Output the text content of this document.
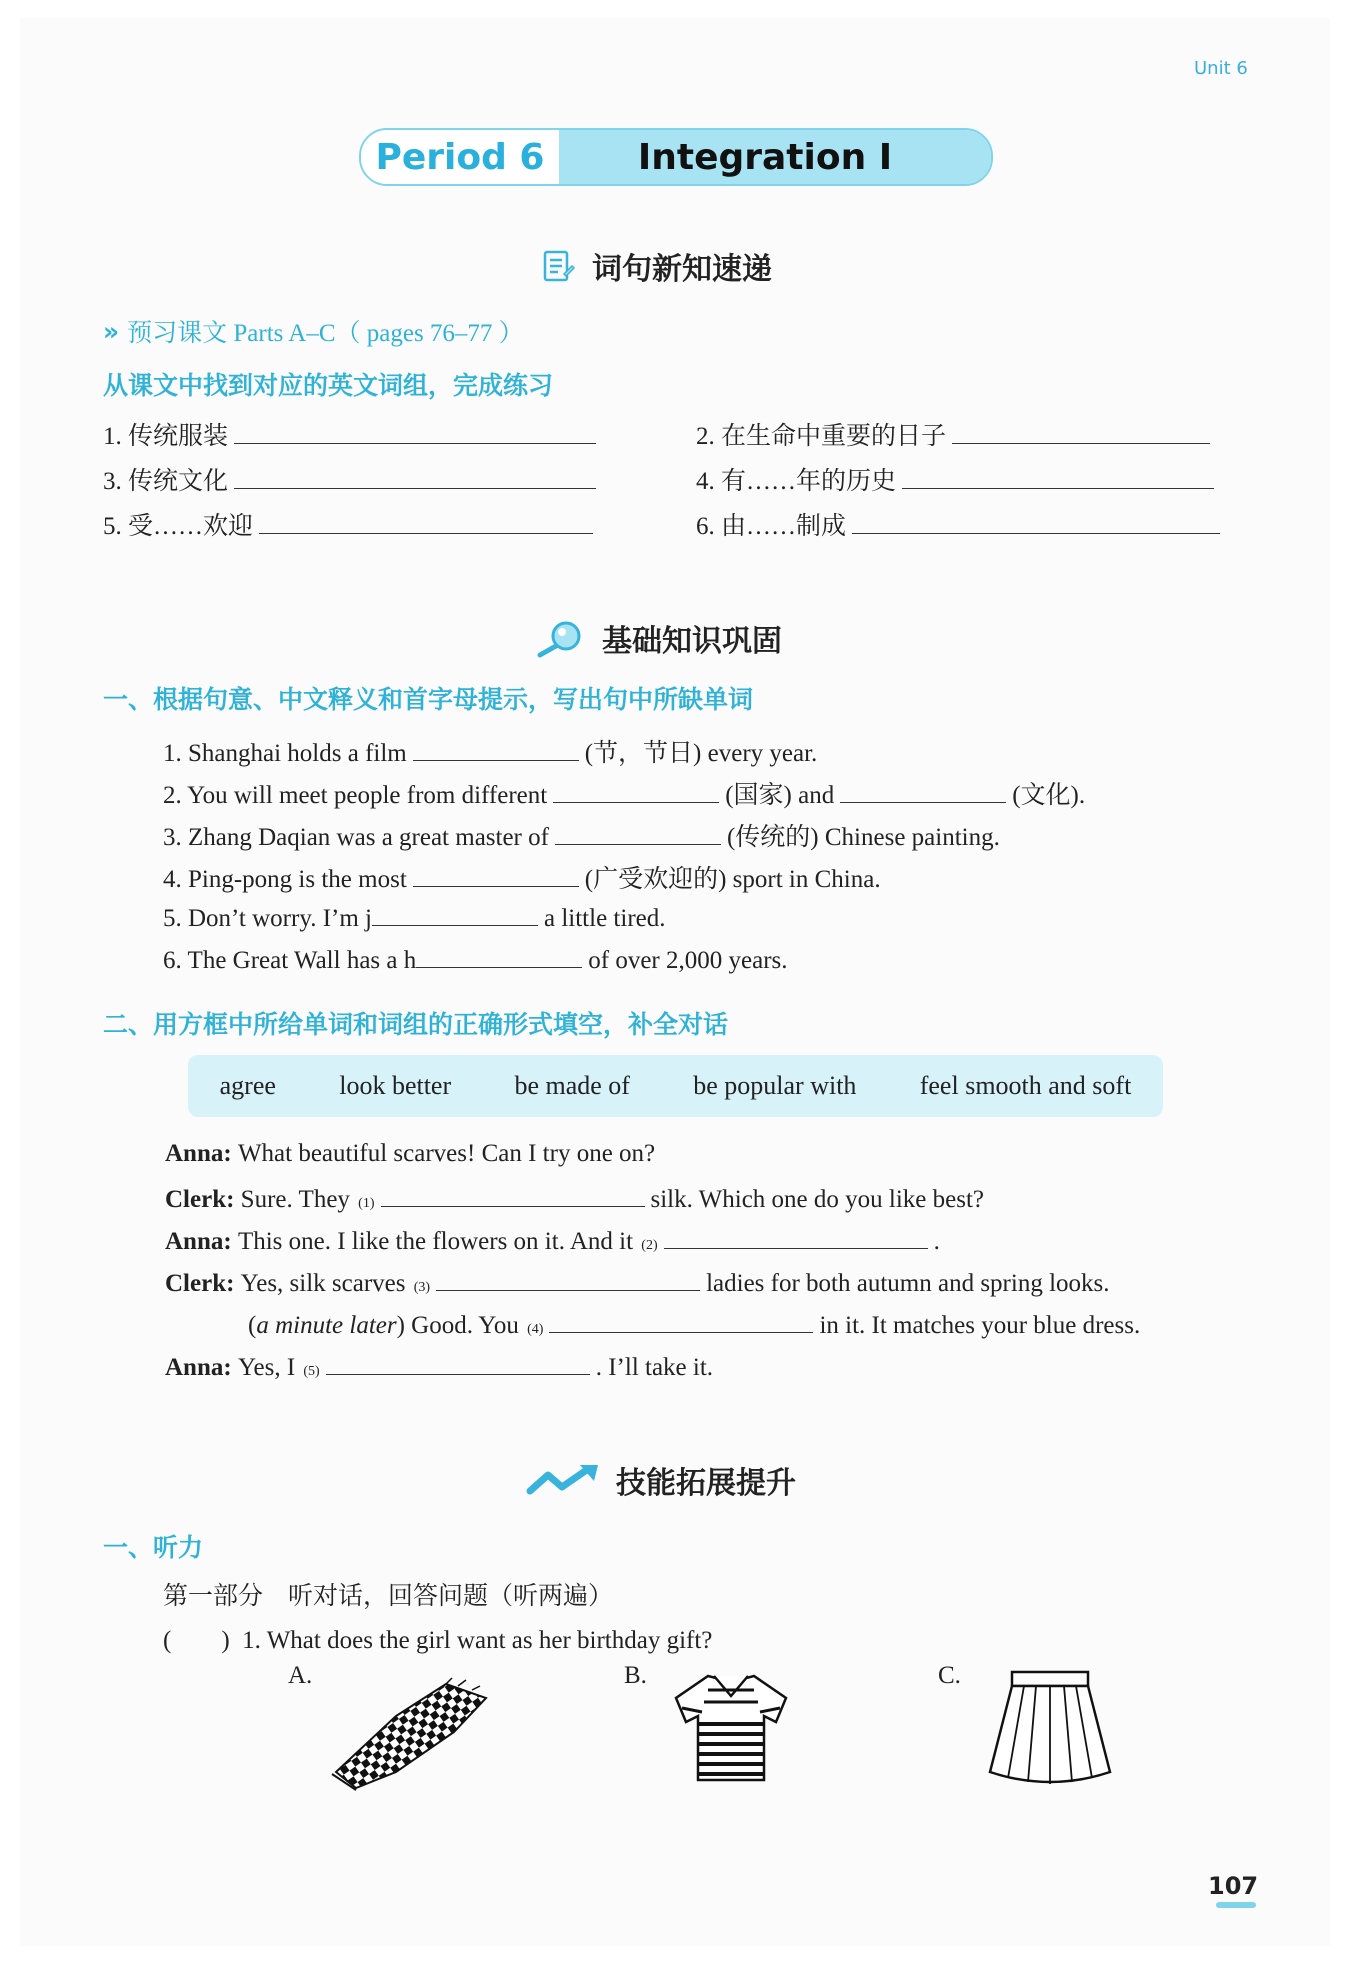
Unit 6
Period 6	Integration I
词句新知速递
» 预习课文 Parts A–C（ pages 76–77 ）
从课文中找到对应的英文词组，完成练习
1. 传统服装	2. 在生命中重要的日子
3. 传统文化	4. 有……年的历史
5. 受……欢迎	6. 由……制成
基础知识巩固
一、根据句意、中文释义和首字母提示，写出句中所缺单词
1. Shanghai holds a film	(节，节日) every year.
2. You will meet people from different	(国家) and	(文化).
3. Zhang Daqian was a great master of	(传统的) Chinese painting.
4. Ping-pong is the most	(广受欢迎的) sport in China.
5. Don’t worry. I’m j	a little tired.
6. The Great Wall has a h	of over 2,000 years.
二、用方框中所给单词和词组的正确形式填空，补全对话
agree look better be made of be popular with feel smooth and soft
Anna:
What beautiful scarves! Can I try one on?
Clerk:
Sure. They
(1)	silk. Which one do you like best?
Anna:
This one. I like the flowers on it. And it
(2)	.
Clerk:
Yes, silk scarves
(3)	ladies for both autumn and spring looks.
( a minute later )
Good. You
(4)	in it. It matches your blue dress.
Anna:
Yes, I
(5)	. I’ll take it.
技能拓展提升
一、听力
第一部分　听对话，回答问题（听两遍）
(　　)
1. What does the girl want as her birthday gift?
A.	B.	C.
107
